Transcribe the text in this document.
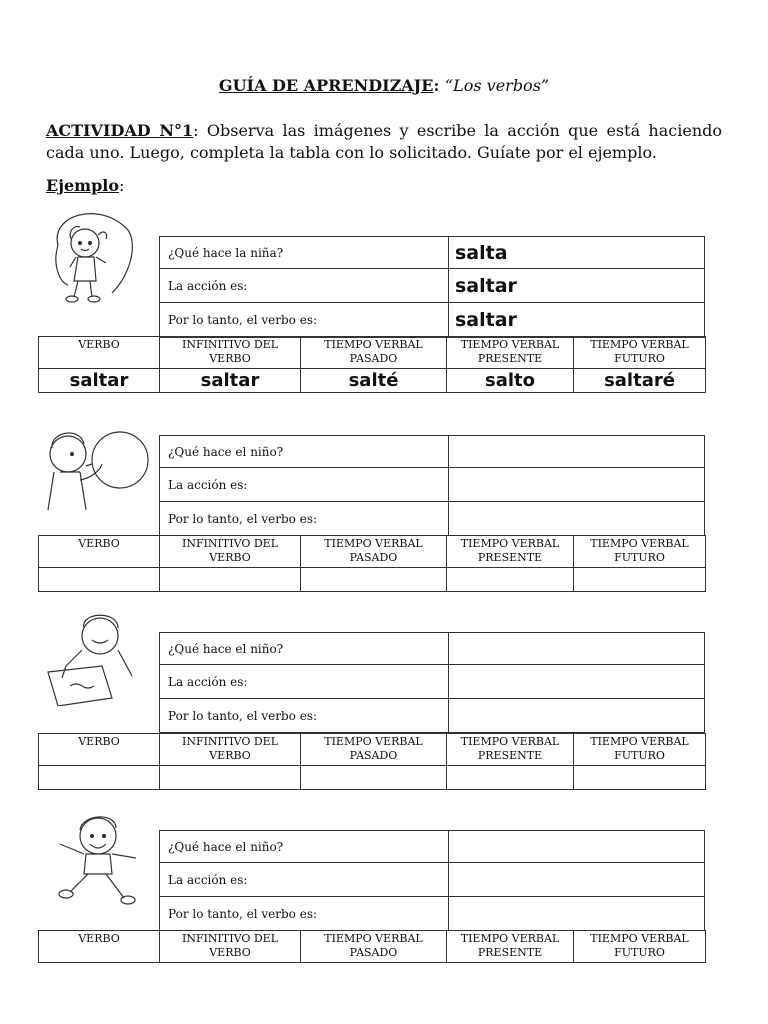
GUÍA DE APRENDIZAJE: “Los verbos”
ACTIVIDAD N°1: Observa las imágenes y escribe la acción que está haciendo cada uno. Luego, completa la tabla con lo solicitado. Guíate por el ejemplo.
Ejemplo:
¿Qué hace la niña?	salta
La acción es:	saltar
Por lo tanto, el verbo es:	saltar
VERBO	INFINITIVO DEL VERBO	TIEMPO VERBAL PASADO	TIEMPO VERBAL PRESENTE	TIEMPO VERBAL FUTURO
saltar	saltar	salté	salto	saltaré
¿Qué hace el niño?	
La acción es:	
Por lo tanto, el verbo es:	
VERBO	INFINITIVO DEL VERBO	TIEMPO VERBAL PASADO	TIEMPO VERBAL PRESENTE	TIEMPO VERBAL FUTURO

¿Qué hace el niño?	
La acción es:	
Por lo tanto, el verbo es:	
VERBO	INFINITIVO DEL VERBO	TIEMPO VERBAL PASADO	TIEMPO VERBAL PRESENTE	TIEMPO VERBAL FUTURO

¿Qué hace el niño?	
La acción es:	
Por lo tanto, el verbo es:	
VERBO	INFINITIVO DEL VERBO	TIEMPO VERBAL PASADO	TIEMPO VERBAL PRESENTE	TIEMPO VERBAL FUTURO
